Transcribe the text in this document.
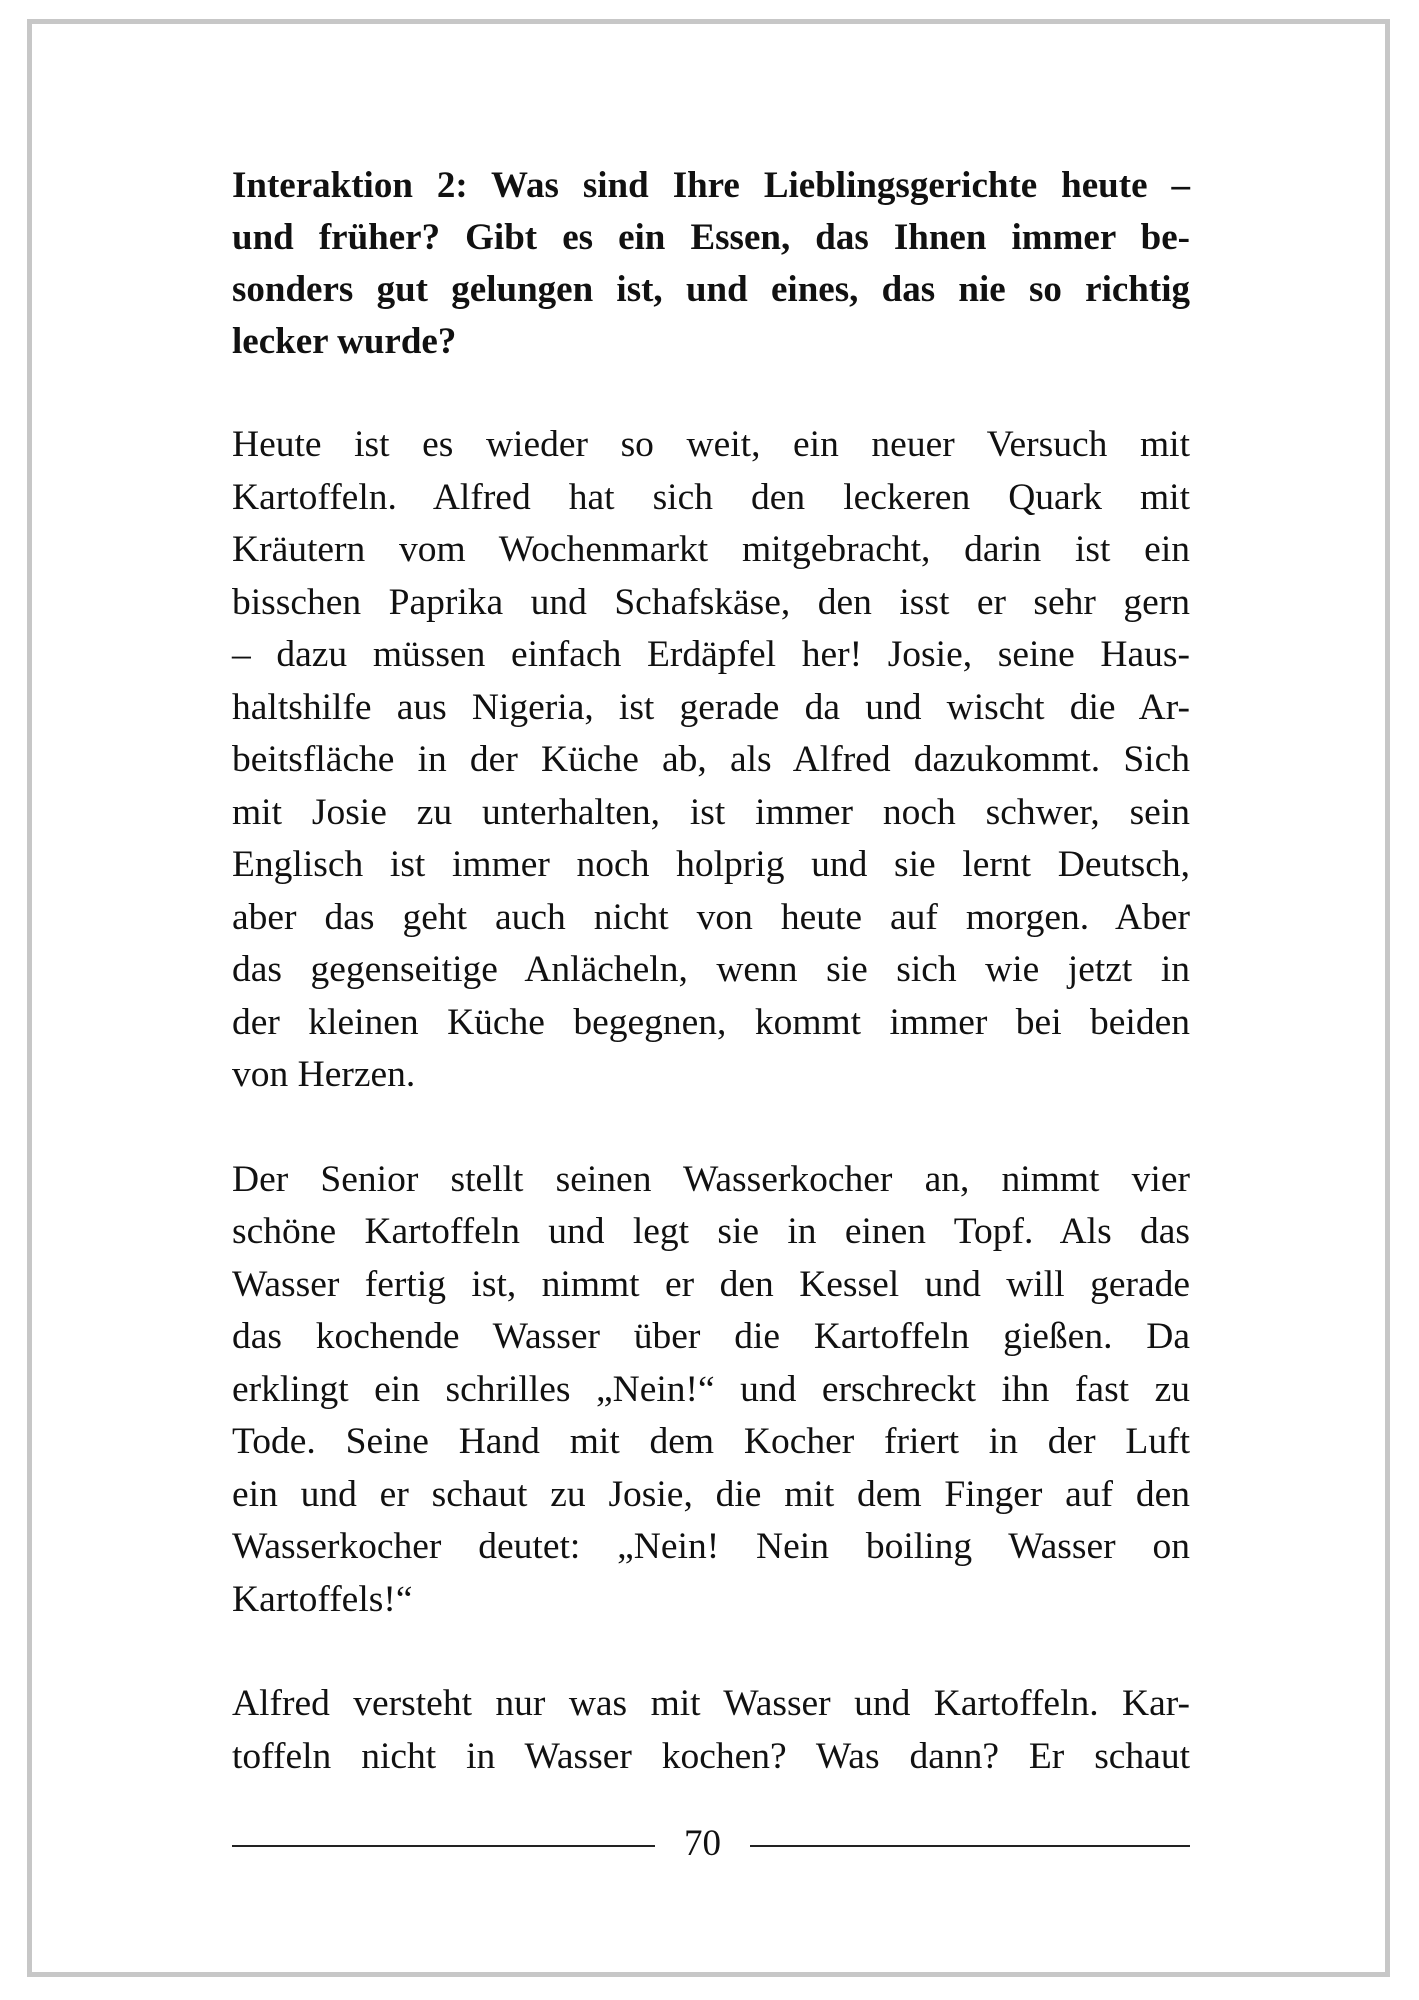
Interaktion 2: Was sind Ihre Lieblingsgerichte heute –
und früher? Gibt es ein Essen, das Ihnen immer be-
sonders gut gelungen ist, und eines, das nie so richtig
lecker wurde?
Heute ist es wieder so weit, ein neuer Versuch mit
Kartoffeln. Alfred hat sich den leckeren Quark mit
Kräutern vom Wochenmarkt mitgebracht, darin ist ein
bisschen Paprika und Schafskäse, den isst er sehr gern
– dazu müssen einfach Erdäpfel her! Josie, seine Haus-
haltshilfe aus Nigeria, ist gerade da und wischt die Ar-
beitsfläche in der Küche ab, als Alfred dazukommt. Sich
mit Josie zu unterhalten, ist immer noch schwer, sein
Englisch ist immer noch holprig und sie lernt Deutsch,
aber das geht auch nicht von heute auf morgen. Aber
das gegenseitige Anlächeln, wenn sie sich wie jetzt in
der kleinen Küche begegnen, kommt immer bei beiden
von Herzen.
Der Senior stellt seinen Wasserkocher an, nimmt vier
schöne Kartoffeln und legt sie in einen Topf. Als das
Wasser fertig ist, nimmt er den Kessel und will gerade
das kochende Wasser über die Kartoffeln gießen. Da
erklingt ein schrilles „Nein!“ und erschreckt ihn fast zu
Tode. Seine Hand mit dem Kocher friert in der Luft
ein und er schaut zu Josie, die mit dem Finger auf den
Wasserkocher deutet: „Nein! Nein boiling Wasser on
Kartoffels!“
Alfred versteht nur was mit Wasser und Kartoffeln. Kar-
toffeln nicht in Wasser kochen? Was dann? Er schaut
70
